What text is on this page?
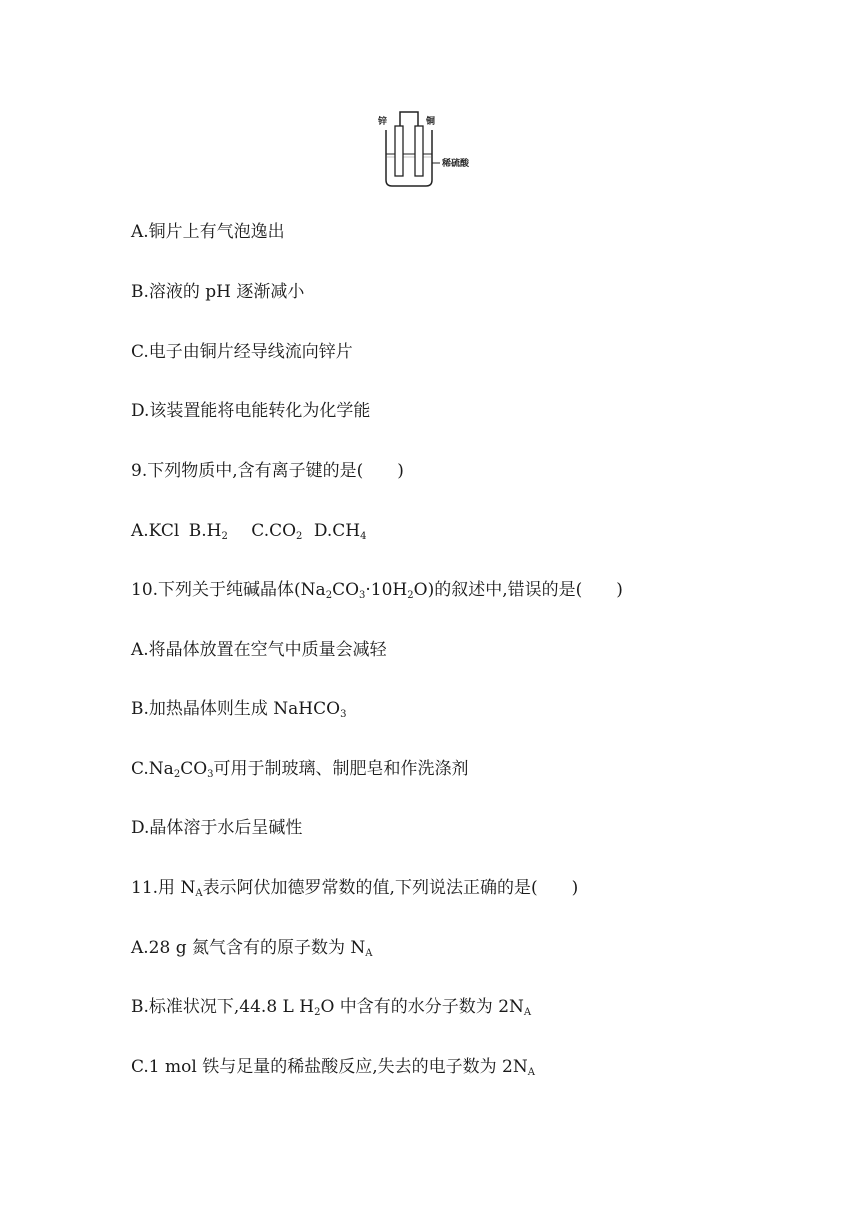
锌	铜
稀硫酸
A.铜片上有气泡逸出
B.溶液的 pH 逐渐减小
C.电子由铜片经导线流向锌片
D.该装置能将电能转化为化学能
9.下列物质中,含有离子键的是(　　)
A.KCl $B.H_2$ $C.CO_2$ $D.CH_4$
10.下列关于纯碱晶体$(Na_2CO_3\cdot 10H_2O)$的叙述中,错误的是(　　)
A.将晶体放置在空气中质量会减轻
B.加热晶体则生成 NaHCO$_3$
$C.Na_2CO_3$可用于制玻璃、制肥皂和作洗涤剂
D.晶体溶于水后呈碱性
11.用 $N_A$表示阿伏加德罗常数的值,下列说法正确的是(　　)
A.28 g 氮气含有的原子数为 $N_A$
B.标准状况下,44.8 L $H_2O$ 中含有的水分子数为 $2N_A$
C.1 mol 铁与足量的稀盐酸反应,失去的电子数为 $2N_A$
